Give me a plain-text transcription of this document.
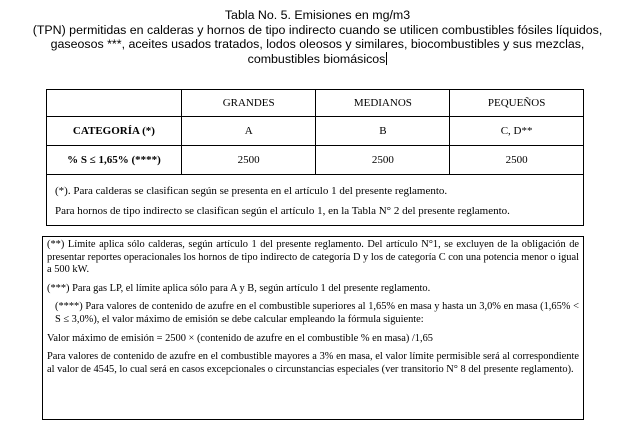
Tabla No. 5. Emisiones en mg/m3
(TPN) permitidas en calderas y hornos de tipo indirecto cuando se utilicen combustibles fósiles líquidos,
gaseosos ***, aceites usados tratados, lodos oleosos y similares, biocombustibles y sus mezclas,
combustibles biomásicos
	GRANDES	MEDIANOS	PEQUEÑOS
CATEGORÍA (*)	A	B	C, D**
% S ≤ 1,65% (****)	2500	2500	2500

(*). Para calderas se clasifican según se presenta en el artículo 1 del presente reglamento.
Para hornos de tipo indirecto se clasifican según el artículo 1, en la Tabla N° 2 del presente reglamento.			

(**) Límite aplica sólo calderas, según artículo 1 del presente reglamento. Del artículo N°1, se excluyen de la obligación de presentar reportes operacionales los hornos de tipo indirecto de categoría D y los de categoría C con una potencia menor o igual a 500 kW.

(***) Para gas LP, el límite aplica sólo para A y B, según artículo 1 del presente reglamento.

(****) Para valores de contenido de azufre en el combustible superiores al 1,65% en masa y hasta un 3,0% en masa (1,65% < S ≤ 3,0%), el valor máximo de emisión se debe calcular empleando la fórmula siguiente:

Valor máximo de emisión = 2500 × (contenido de azufre en el combustible % en masa) /1,65

Para valores de contenido de azufre en el combustible mayores a 3% en masa, el valor límite permisible será al correspondiente al valor de 4545, lo cual será en casos excepcionales o circunstancias especiales (ver transitorio N° 8 del presente reglamento).
